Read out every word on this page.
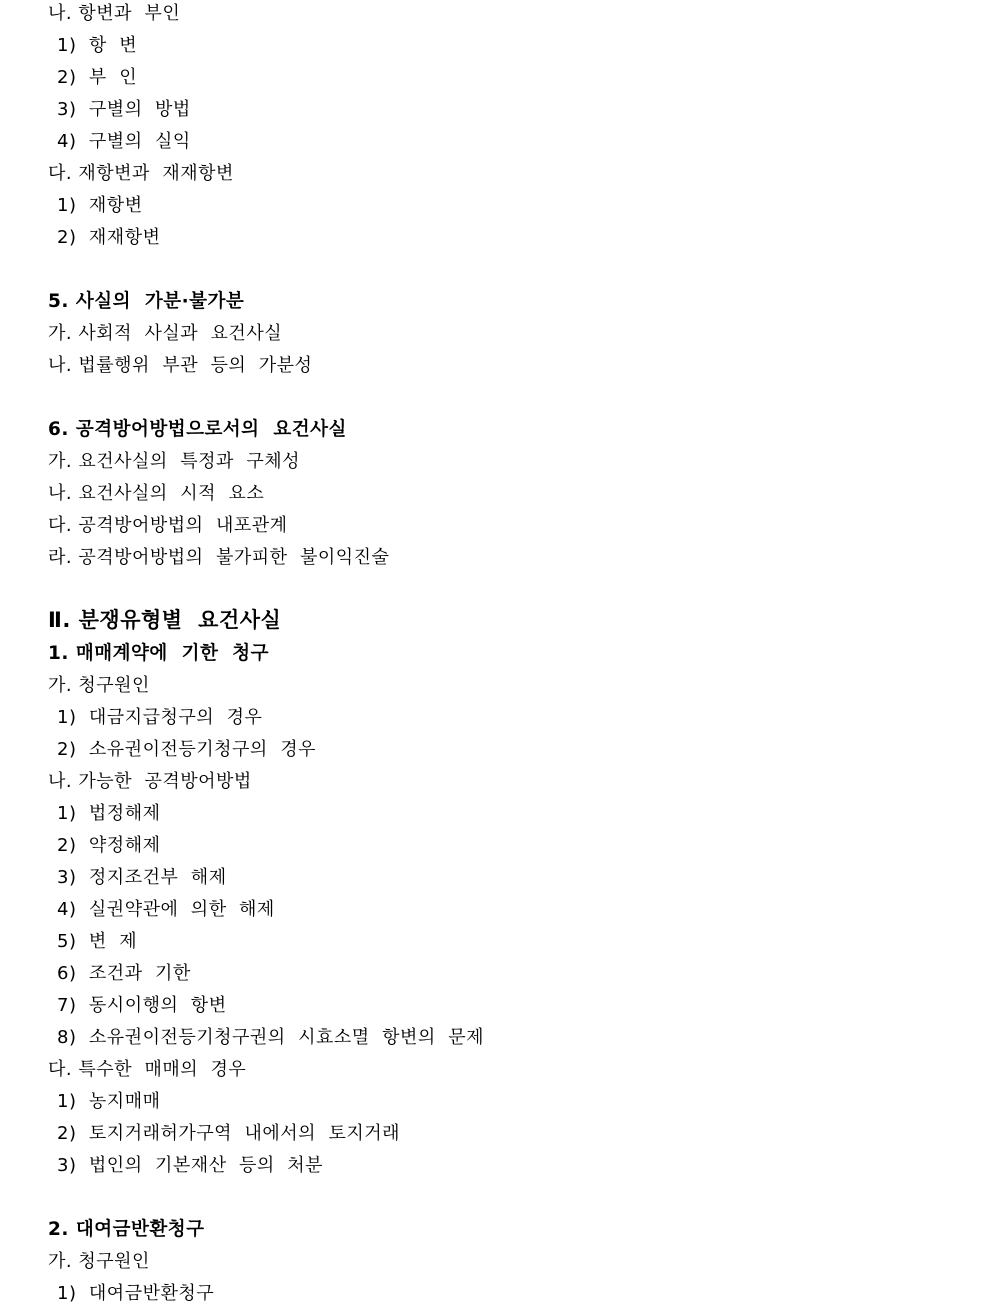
나. 항변과  부인
1)  항  변
2)  부  인
3)  구별의  방법
4)  구별의  실익
다. 재항변과  재재항변
1)  재항변
2)  재재항변
5. 사실의  가분·불가분
가. 사회적  사실과  요건사실
나. 법률행위  부관  등의  가분성
6. 공격방어방법으로서의  요건사실
가. 요건사실의  특정과  구체성
나. 요건사실의  시적  요소
다. 공격방어방법의  내포관계
라. 공격방어방법의  불가피한  불이익진술
Ⅱ. 분쟁유형별  요건사실
1. 매매계약에  기한  청구
가. 청구원인
1)  대금지급청구의  경우
2)  소유권이전등기청구의  경우
나. 가능한  공격방어방법
1)  법정해제
2)  약정해제
3)  정지조건부  해제
4)  실권약관에  의한  해제
5)  변  제
6)  조건과  기한
7)  동시이행의  항변
8)  소유권이전등기청구권의  시효소멸  항변의  문제
다. 특수한  매매의  경우
1)  농지매매
2)  토지거래허가구역  내에서의  토지거래
3)  법인의  기본재산  등의  처분
2. 대여금반환청구
가. 청구원인
1)  대여금반환청구
